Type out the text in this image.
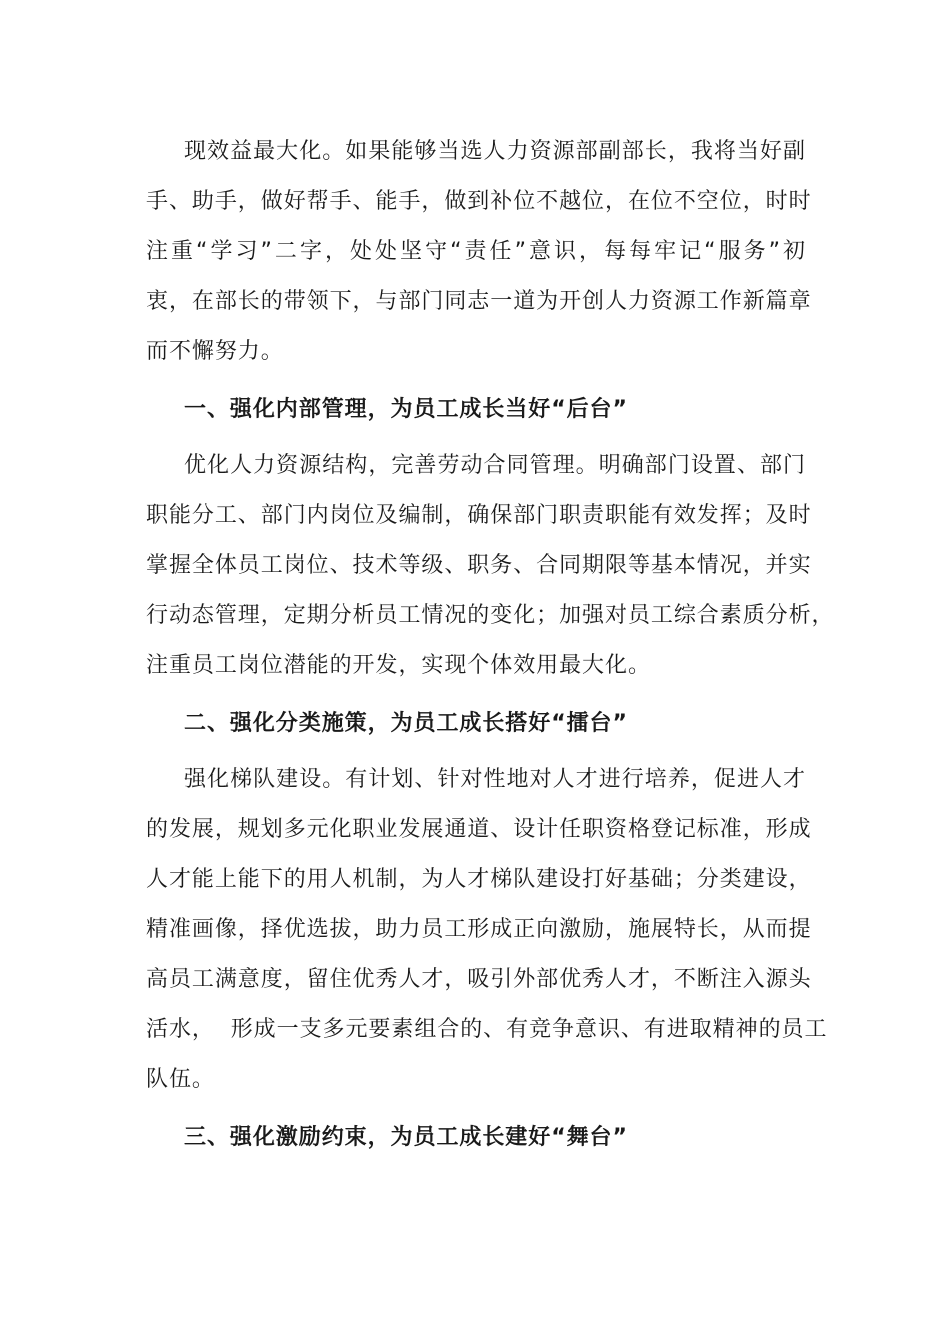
现效益最大化。如果能够当选人力资源部副部长，我将当好副
手、助手，做好帮手、能手，做到补位不越位，在位不空位，时时
注重“学习”二字，处处坚守“责任”意识，每每牢记“服务”初
衷，在部长的带领下，与部门同志一道为开创人力资源工作新篇章
而不懈努力。
一、强化内部管理，为员工成长当好“后台”
优化人力资源结构，完善劳动合同管理。明确部门设置、部门
职能分工、部门内岗位及编制，确保部门职责职能有效发挥；及时
掌握全体员工岗位、技术等级、职务、合同期限等基本情况，并实
行动态管理，定期分析员工情况的变化；加强对员工综合素质分析，
注重员工岗位潜能的开发，实现个体效用最大化。
二、强化分类施策，为员工成长搭好“擂台”
强化梯队建设。有计划、针对性地对人才进行培养，促进人才
的发展，规划多元化职业发展通道、设计任职资格登记标准，形成
人才能上能下的用人机制，为人才梯队建设打好基础；分类建设，
精准画像，择优选拔，助力员工形成正向激励，施展特长，从而提
高员工满意度，留住优秀人才，吸引外部优秀人才，不断注入源头
活水，  形成一支多元要素组合的、有竞争意识、有进取精神的员工
队伍。
三、强化激励约束，为员工成长建好“舞台”
